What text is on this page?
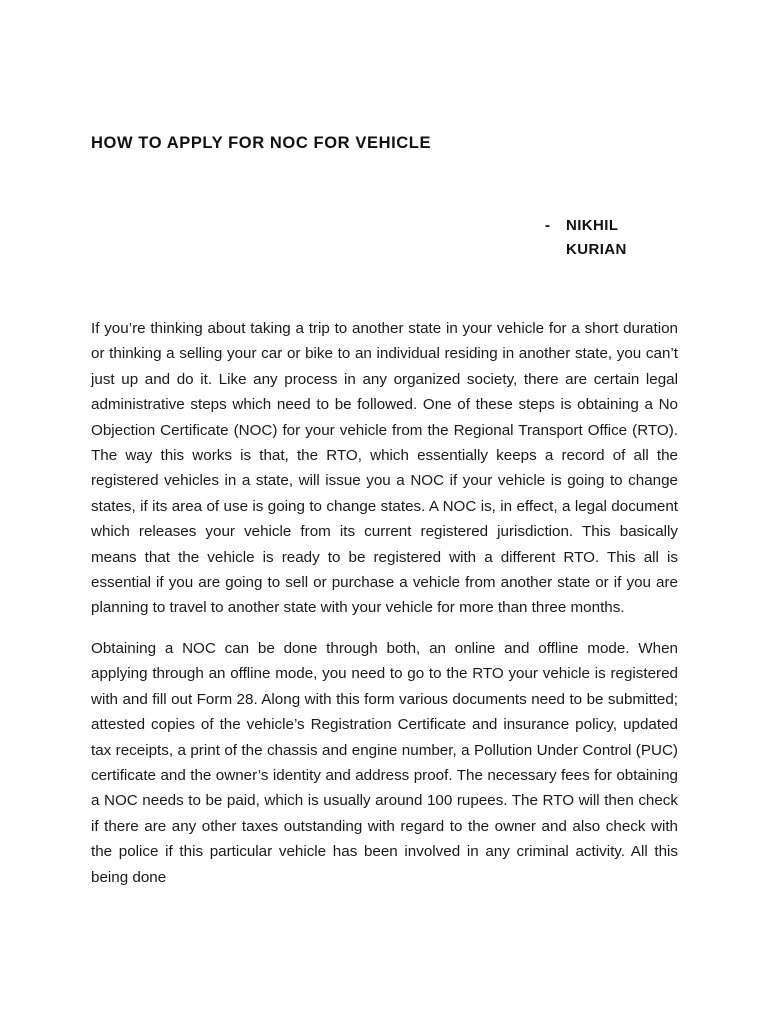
HOW TO APPLY FOR NOC FOR VEHICLE
- NIKHIL KURIAN

If you’re thinking about taking a trip to another state in your vehicle for a short duration or thinking a selling your car or bike to an individual residing in another state, you can’t just up and do it. Like any process in any organized society, there are certain legal administrative steps which need to be followed. One of these steps is obtaining a No Objection Certificate (NOC) for your vehicle from the Regional Transport Office (RTO). The way this works is that, the RTO, which essentially keeps a record of all the registered vehicles in a state, will issue you a NOC if your vehicle is going to change states, if its area of use is going to change states. A NOC is, in effect, a legal document which releases your vehicle from its current registered jurisdiction. This basically means that the vehicle is ready to be registered with a different RTO. This all is essential if you are going to sell or purchase a vehicle from another state or if you are planning to travel to another state with your vehicle for more than three months.

Obtaining a NOC can be done through both, an online and offline mode. When applying through an offline mode, you need to go to the RTO your vehicle is registered with and fill out Form 28. Along with this form various documents need to be submitted; attested copies of the vehicle’s Registration Certificate and insurance policy, updated tax receipts, a print of the chassis and engine number, a Pollution Under Control (PUC) certificate and the owner’s identity and address proof. The necessary fees for obtaining a NOC needs to be paid, which is usually around 100 rupees. The RTO will then check if there are any other taxes outstanding with regard to the owner and also check with the police if this particular vehicle has been involved in any criminal activity. All this being done
